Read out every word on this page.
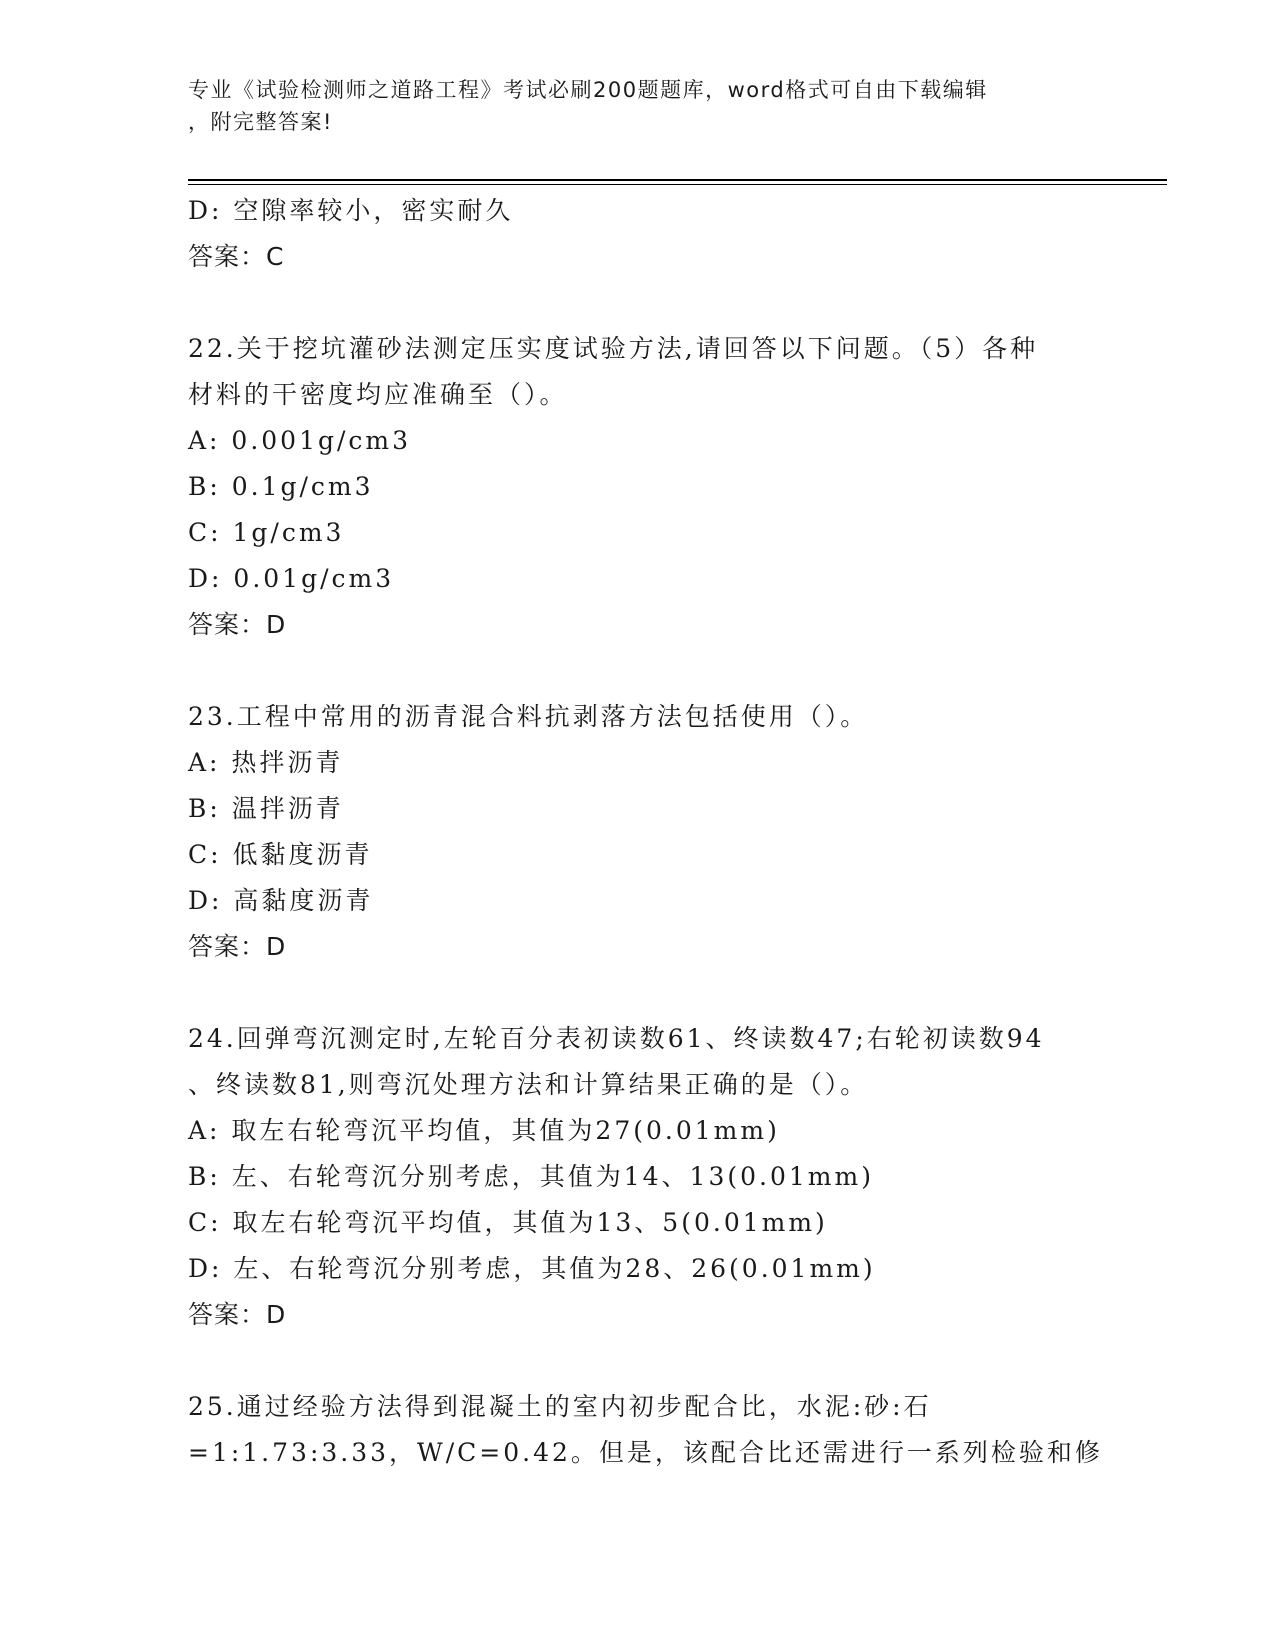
专业《试验检测师之道路工程》考试必刷200题题库，word格式可自由下载编辑
，附完整答案!
D: 空隙率较小，密实耐久
答案：C
22.关于挖坑灌砂法测定压实度试验方法,请回答以下问题。（5）各种
材料的干密度均应准确至（）。
A: 0.001g/cm3
B: 0.1g/cm3
C: 1g/cm3
D: 0.01g/cm3
答案：D
23.工程中常用的沥青混合料抗剥落方法包括使用（）。
A: 热拌沥青
B: 温拌沥青
C: 低黏度沥青
D: 高黏度沥青
答案：D
24.回弹弯沉测定时,左轮百分表初读数61、终读数47;右轮初读数94
、终读数81,则弯沉处理方法和计算结果正确的是（）。
A: 取左右轮弯沉平均值，其值为27(0.01mm)
B: 左、右轮弯沉分别考虑，其值为14、13(0.01mm)
C: 取左右轮弯沉平均值，其值为13、5(0.01mm)
D: 左、右轮弯沉分别考虑，其值为28、26(0.01mm)
答案：D
25.通过经验方法得到混凝土的室内初步配合比，水泥:砂:石
=1:1.73:3.33，W/C=0.42。但是，该配合比还需进行一系列检验和修
